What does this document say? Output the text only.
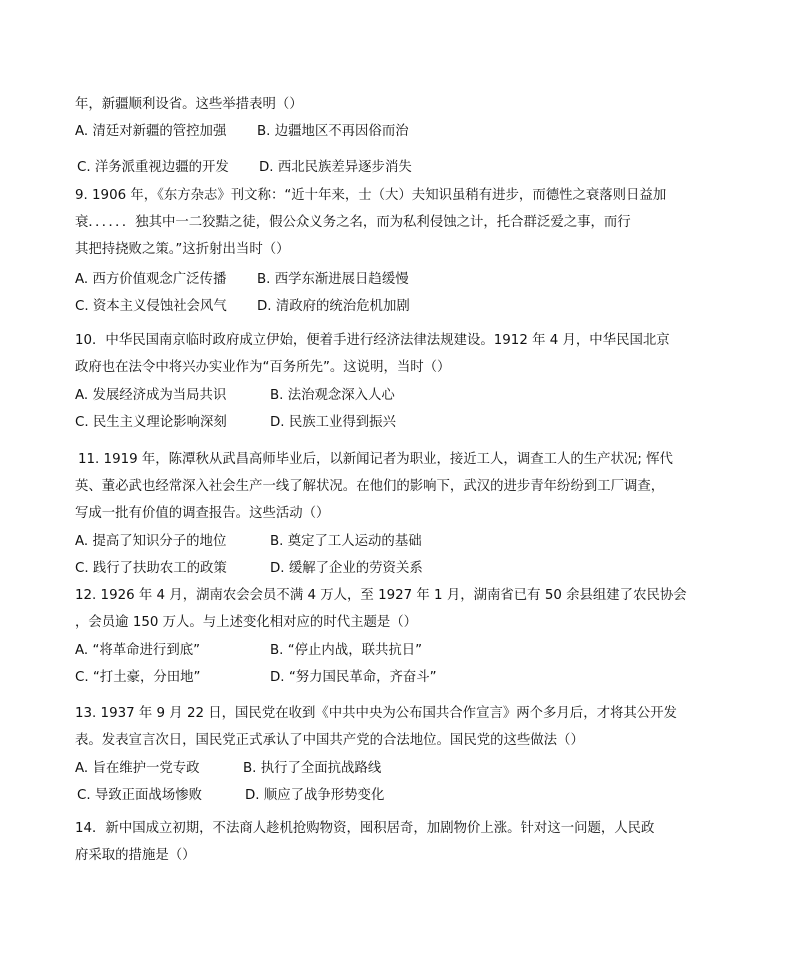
年，新疆顺利设省。这些举措表明（）
A. 清廷对新疆的管控加强 B. 边疆地区不再因俗而治
C. 洋务派重视边疆的开发 D. 西北民族差异逐步消失
9. 1906 年，《东方杂志》刊文称：“近十年来，士（大）夫知识虽稍有进步，而德性之衰落则日益加
衰．．．．．．独其中一二狡黠之徒，假公众义务之名，而为私利侵蚀之计，托合群泛爱之事，而行
其把持挠败之策。”这折射出当时（）
A. 西方价值观念广泛传播 B. 西学东渐进展日趋缓慢
C. 资本主义侵蚀社会风气 D. 清政府的统治危机加剧
10．中华民国南京临时政府成立伊始，便着手进行经济法律法规建设。1912 年 4 月，中华民国北京
政府也在法令中将兴办实业作为“百务所先”。这说明，当时（）
A. 发展经济成为当局共识	B. 法治观念深入人心
C. 民生主义理论影响深刻	D. 民族工业得到振兴
11. 1919 年，陈潭秋从武昌高师毕业后，以新闻记者为职业，接近工人，调查工人的生产状况; 恽代
英、董必武也经常深入社会生产一线了解状况。在他们的影响下，武汉的进步青年纷纷到工厂调查，
写成一批有价值的调查报告。这些活动（）
A. 提高了知识分子的地位	B. 奠定了工人运动的基础
C. 践行了扶助农工的政策	D. 缓解了企业的劳资关系
12. 1926 年 4 月，湖南农会会员不满 4 万人，至 1927 年 1 月，湖南省已有 50 余县组建了农民协会
，会员逾 150 万人。与上述变化相对应的时代主题是（）
A. “将革命进行到底”	B. “停止内战，联共抗日”
C. “打土豪，分田地”	D. “努力国民革命，齐奋斗”
13. 1937 年 9 月 22 日，国民党在收到《中共中央为公布国共合作宣言》两个多月后，才将其公开发
表。发表宣言次日，国民党正式承认了中国共产党的合法地位。国民党的这些做法（）
A. 旨在维护一党专政	B. 执行了全面抗战路线
C. 导致正面战场惨败	D. 顺应了战争形势变化
14．新中国成立初期，不法商人趁机抢购物资，囤积居奇，加剧物价上涨。针对这一问题，人民政
府采取的措施是（）
